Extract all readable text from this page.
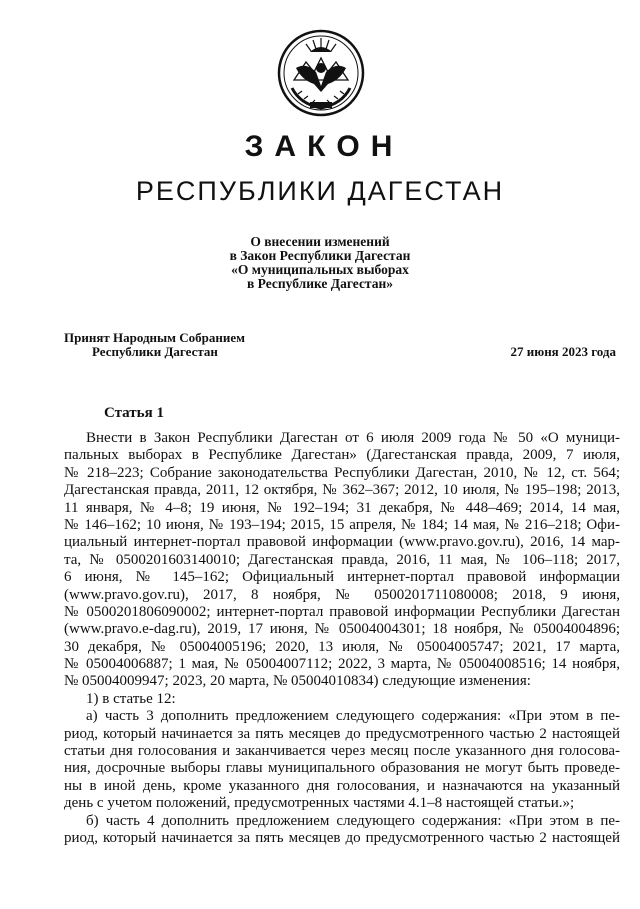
ЗАКОН
РЕСПУБЛИКИ ДАГЕСТАН
О внесении изменений
в Закон Республики Дагестан
«О муниципальных выборах
в Республике Дагестан»
Принят Народным Собранием
Республики Дагестан	27 июня 2023 года
Статья 1
Внести в Закон Республики Дагестан от 6 июля 2009 года № 50 «О муници-
пальных выборах в Республике Дагестан» (Дагестанская правда, 2009, 7 июля,
№ 218–223; Собрание законодательства Республики Дагестан, 2010, № 12, ст. 564;
Дагестанская правда, 2011, 12 октября, № 362–367; 2012, 10 июля, № 195–198; 2013,
11 января, № 4–8; 19 июня, № 192–194; 31 декабря, № 448–469; 2014, 14 мая,
№ 146–162; 10 июня, № 193–194; 2015, 15 апреля, № 184; 14 мая, № 216–218; Офи-
циальный интернет-портал правовой информации (www.pravo.gov.ru), 2016, 14 мар-
та, № 0500201603140010; Дагестанская правда, 2016, 11 мая, № 106–118; 2017,
6 июня, № 145–162; Официальный интернет-портал правовой информации
(www.pravo.gov.ru), 2017, 8 ноября, № 0500201711080008; 2018, 9 июня,
№ 0500201806090002; интернет-портал правовой информации Республики Дагестан
(www.pravo.e-dag.ru), 2019, 17 июня, № 05004004301; 18 ноября, № 05004004896;
30 декабря, № 05004005196; 2020, 13 июля, № 05004005747; 2021, 17 марта,
№ 05004006887; 1 мая, № 05004007112; 2022, 3 марта, № 05004008516; 14 ноября,
№ 05004009947; 2023, 20 марта, № 05004010834) следующие изменения:
1) в статье 12:
а) часть 3 дополнить предложением следующего содержания: «При этом в пе-
риод, который начинается за пять месяцев до предусмотренного частью 2 настоящей
статьи дня голосования и заканчивается через месяц после указанного дня голосова-
ния, досрочные выборы главы муниципального образования не могут быть проведе-
ны в иной день, кроме указанного дня голосования, и назначаются на указанный
день с учетом положений, предусмотренных частями 4.1–8 настоящей статьи.»;
б) часть 4 дополнить предложением следующего содержания: «При этом в пе-
риод, который начинается за пять месяцев до предусмотренного частью 2 настоящей
